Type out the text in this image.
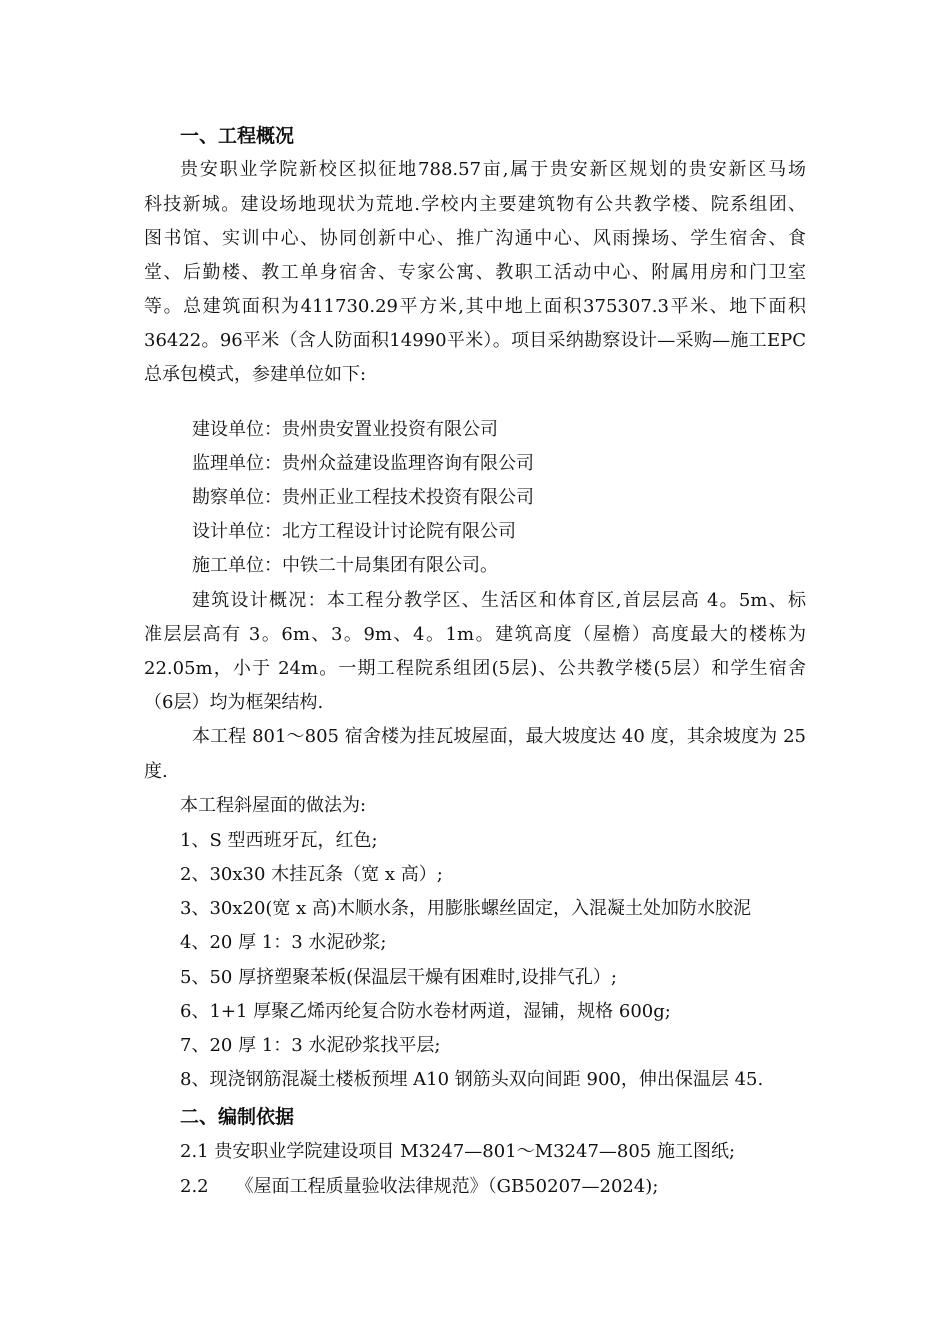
一、工程概况
贵安职业学院新校区拟征地788.57亩,属于贵安新区规划的贵安新区马场
科技新城。建设场地现状为荒地.学校内主要建筑物有公共教学楼、院系组团、
图书馆、实训中心、协同创新中心、推广沟通中心、风雨操场、学生宿舍、食
堂、后勤楼、教工单身宿舍、专家公寓、教职工活动中心、附属用房和门卫室
等。总建筑面积为411730.29平方米,其中地上面积375307.3平米、地下面积
36422。96平米（含人防面积14990平米）。项目采纳勘察设计—采购—施工EPC
总承包模式，参建单位如下:
建设单位：贵州贵安置业投资有限公司
监理单位：贵州众益建设监理咨询有限公司
勘察单位：贵州正业工程技术投资有限公司
设计单位：北方工程设计讨论院有限公司
施工单位：中铁二十局集团有限公司。
建筑设计概况：本工程分教学区、生活区和体育区,首层层高 4。5m、标
准层层高有 3。6m、3。9m、4。1m。建筑高度（屋檐）高度最大的楼栋为
22.05m，小于 24m。一期工程院系组团(5层)、公共教学楼(5层）和学生宿舍
（6层）均为框架结构.
本工程 801～805 宿舍楼为挂瓦坡屋面，最大坡度达 40 度，其余坡度为 25
度.
本工程斜屋面的做法为:
1、S 型西班牙瓦，红色;
2、30x30 木挂瓦条（宽 x 高）;
3、30x20(宽 x 高)木顺水条，用膨胀螺丝固定，入混凝土处加防水胶泥
4、20 厚 1：3 水泥砂浆;
5、50 厚挤塑聚苯板(保温层干燥有困难时,设排气孔）;
6、1+1 厚聚乙烯丙纶复合防水卷材两道，湿铺，规格 600g;
7、20 厚 1：3 水泥砂浆找平层;
8、现浇钢筋混凝土楼板预埋 A10 钢筋头双向间距 900，伸出保温层 45.
二、编制依据
2.1 贵安职业学院建设项目 M3247—801～M3247—805 施工图纸;
2.2　　《屋面工程质量验收法律规范》（GB50207—2024);
